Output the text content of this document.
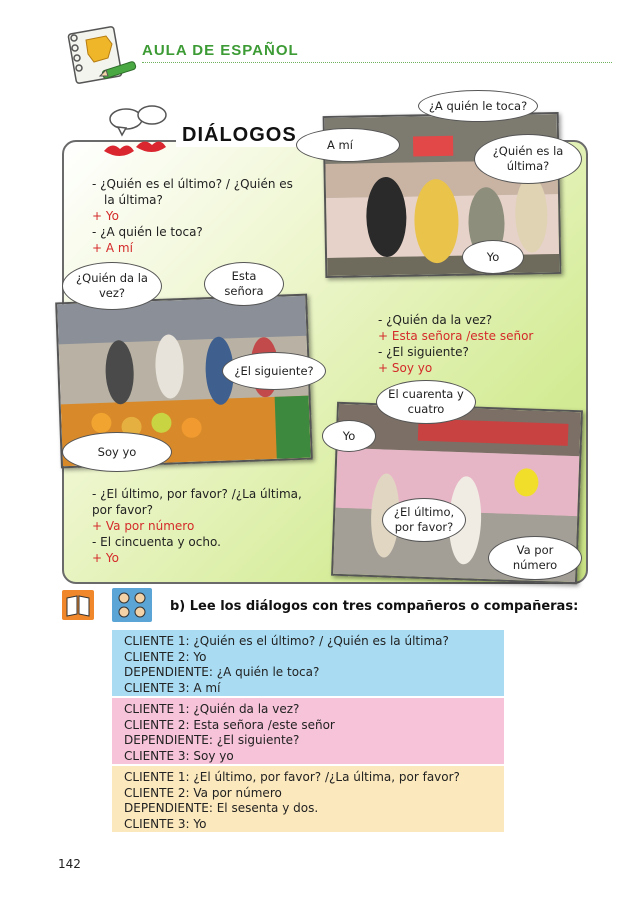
AULA DE ESPAÑOL
DIÁLOGOS
- ¿Quién es el último? / ¿Quién es
la última?
+ Yo
- ¿A quién le toca?
+ A mí
- ¿Quién da la vez?
+ Esta señora /este señor
- ¿El siguiente?
+ Soy yo
- ¿El último, por favor? /¿La última,
por favor?
+ Va por número
- El cincuenta y ocho.
+ Yo
¿A quién le toca?
A mí	¿Quién es la última?
Yo
¿Quién da la vez?
Esta señora
¿El siguiente?
Soy yo
El cuarenta y cuatro
Yo
¿El último, por favor?
Va por número
b) Lee los diálogos con tres compañeros o compañeras:
CLIENTE 1: ¿Quién es el último? / ¿Quién es la última?
CLIENTE 2: Yo
DEPENDIENTE: ¿A quién le toca?
CLIENTE 3: A mí
CLIENTE 1: ¿Quién da la vez?
CLIENTE 2: Esta señora /este señor
DEPENDIENTE: ¿El siguiente?
CLIENTE 3: Soy yo
CLIENTE 1: ¿El último, por favor? /¿La última, por favor?
CLIENTE 2: Va por número
DEPENDIENTE: El sesenta y dos.
CLIENTE 3: Yo
142
